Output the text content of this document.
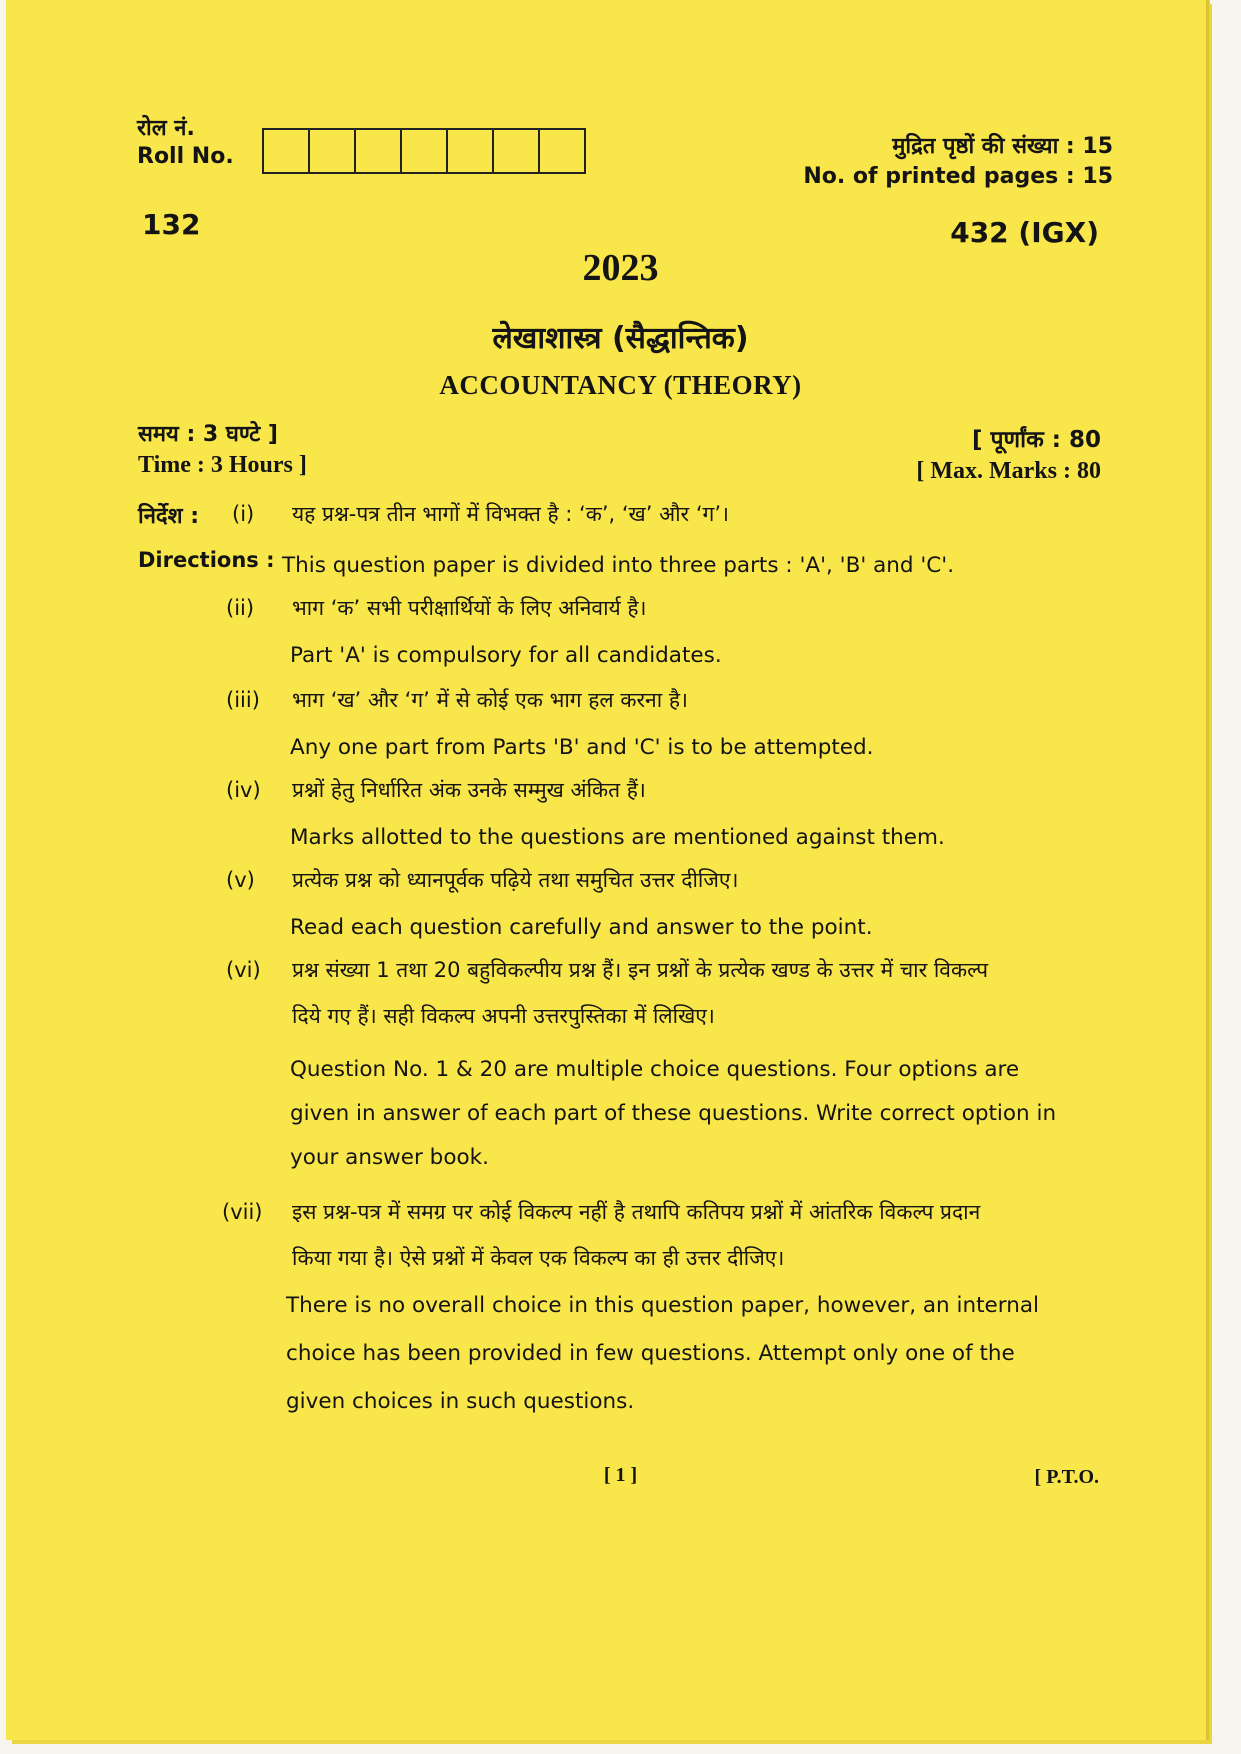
रोल नं.
Roll No.	मुद्रित पृष्ठों की संख्या : 15
No. of printed pages : 15
132	432 (IGX)
2023
लेखाशास्त्र (सैद्धान्तिक)
ACCOUNTANCY (THEORY)
समय : 3 घण्टे ]
Time : 3 Hours ]
[ पूर्णांक : 80
[ Max. Marks : 80
निर्देश :
Directions :
(i)	यह प्रश्न-पत्र तीन भागों में विभक्त है : ‘क’, ‘ख’ और ‘ग’।
This question paper is divided into three parts : 'A', 'B' and 'C'.
(ii)	भाग ‘क’ सभी परीक्षार्थियों के लिए अनिवार्य है।
Part 'A' is compulsory for all candidates.
(iii)	भाग ‘ख’ और ‘ग’ में से कोई एक भाग हल करना है।
Any one part from Parts 'B' and 'C' is to be attempted.
(iv)	प्रश्नों हेतु निर्धारित अंक उनके सम्मुख अंकित हैं।
Marks allotted to the questions are mentioned against them.
(v)	प्रत्येक प्रश्न को ध्यानपूर्वक पढ़िये तथा समुचित उत्तर दीजिए।
Read each question carefully and answer to the point.
(vi)	प्रश्न संख्या 1 तथा 20 बहुविकल्पीय प्रश्न हैं। इन प्रश्नों के प्रत्येक खण्ड के उत्तर में चार विकल्प
दिये गए हैं। सही विकल्प अपनी उत्तरपुस्तिका में लिखिए।
Question No. 1 & 20 are multiple choice questions. Four options are
given in answer of each part of these questions. Write correct option in
your answer book.
(vii)	इस प्रश्न-पत्र में समग्र पर कोई विकल्प नहीं है तथापि कतिपय प्रश्नों में आंतरिक विकल्प प्रदान
किया गया है। ऐसे प्रश्नों में केवल एक विकल्प का ही उत्तर दीजिए।
There is no overall choice in this question paper, however, an internal
choice has been provided in few questions. Attempt only one of the
given choices in such questions.
[ 1 ]	[ P.T.O.
